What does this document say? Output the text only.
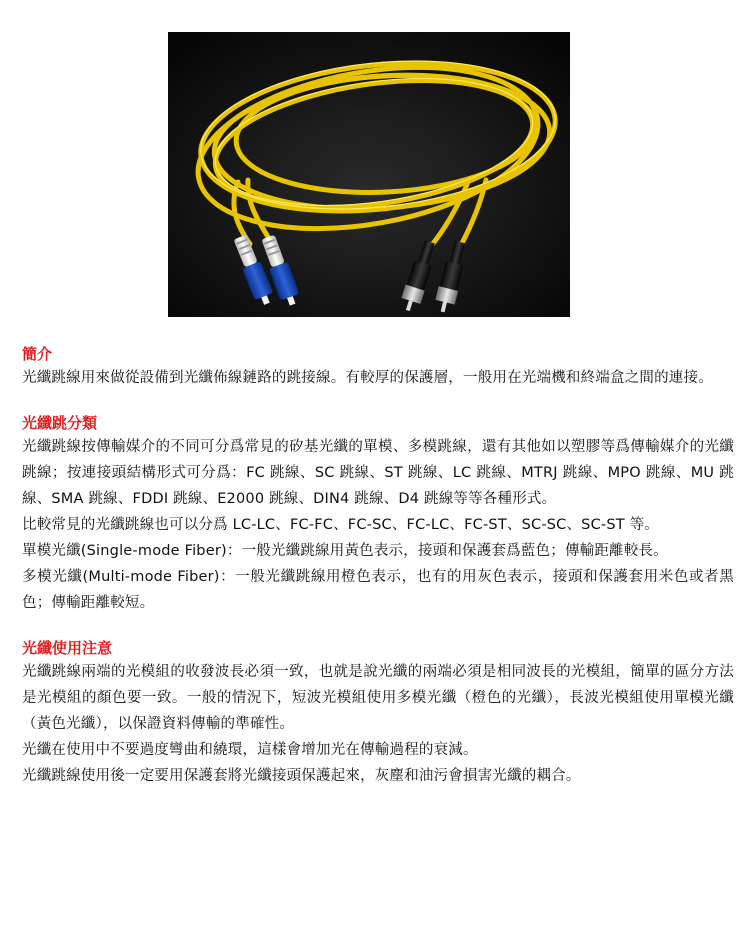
簡介

光纖跳線用來做從設備到光纖佈線鏈路的跳接線。有較厚的保護層，一般用在光端機和終端盒之間的連接。

光纖跳分類

光纖跳線按傳輸媒介的不同可分爲常見的矽基光纖的單模、多模跳線，還有其他如以塑膠等爲傳輸媒介的光纖跳線；按連接頭結構形式可分爲：FC 跳線、SC 跳線、ST 跳線、LC 跳線、MTRJ 跳線、MPO 跳線、MU 跳線、SMA 跳線、FDDI 跳線、E2000 跳線、DIN4 跳線、D4 跳線等等各種形式。

比較常見的光纖跳線也可以分爲 LC-LC、FC-FC、FC-SC、FC-LC、FC-ST、SC-SC、SC-ST 等。

單模光纖(Single-mode Fiber)：一般光纖跳線用黃色表示，接頭和保護套爲藍色；傳輸距離較長。

多模光纖(Multi-mode Fiber)：一般光纖跳線用橙色表示，也有的用灰色表示，接頭和保護套用米色或者黑色；傳輸距離較短。

光纖使用注意

光纖跳線兩端的光模組的收發波長必須一致，也就是說光纖的兩端必須是相同波長的光模組，簡單的區分方法是光模組的顏色要一致。一般的情況下，短波光模組使用多模光纖（橙色的光纖），長波光模組使用單模光纖（黃色光纖），以保證資料傳輸的準確性。

光纖在使用中不要過度彎曲和繞環，這樣會增加光在傳輸過程的衰減。

光纖跳線使用後一定要用保護套將光纖接頭保護起來，灰塵和油污會損害光纖的耦合。
